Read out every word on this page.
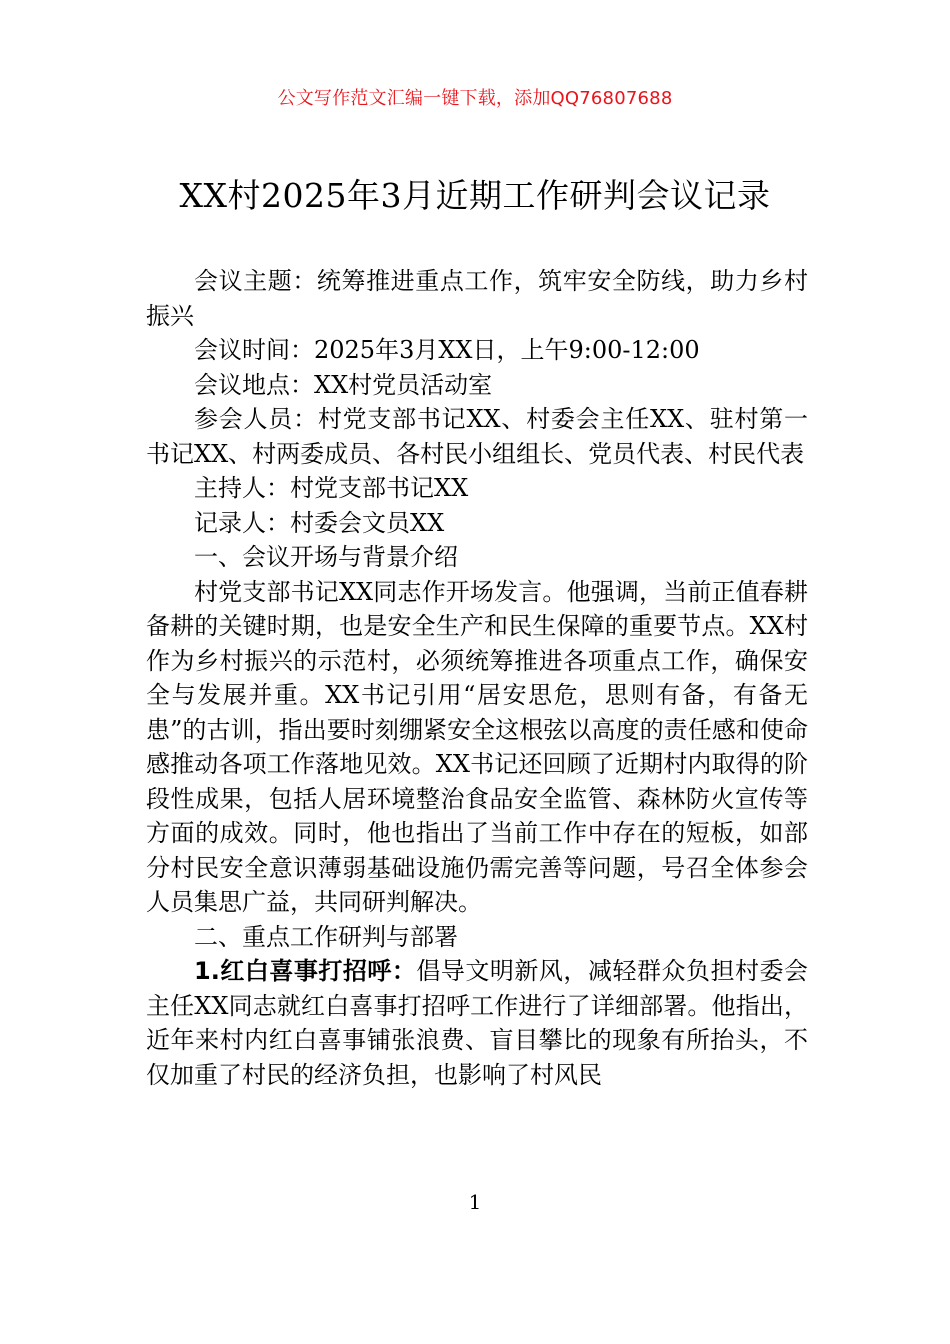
公文写作范文汇编一键下载，添加QQ76807688
XX村2025年3月近期工作研判会议记录

会议主题：统筹推进重点工作，筑牢安全防线，助力乡村振兴

会议时间：2025年3月XX日，上午9:00-12:00

会议地点：XX村党员活动室

参会人员：村党支部书记XX、村委会主任XX、驻村第一书记XX、村两委成员、各村民小组组长、党员代表、村民代表

主持人：村党支部书记XX

记录人：村委会文员XX

一、会议开场与背景介绍

村党支部书记XX同志作开场发言。他强调，当前正值春耕备耕的关键时期，也是安全生产和民生保障的重要节点。XX村作为乡村振兴的示范村，必须统筹推进各项重点工作，确保安全与发展并重。XX书记引用“居安思危，思则有备，有备无患”的古训，指出要时刻绷紧安全这根弦以高度的责任感和使命感推动各项工作落地见效。XX书记还回顾了近期村内取得的阶段性成果，包括人居环境整治食品安全监管、森林防火宣传等方面的成效。同时，他也指出了当前工作中存在的短板，如部分村民安全意识薄弱基础设施仍需完善等问题，号召全体参会人员集思广益，共同研判解决。

二、重点工作研判与部署

1.红白喜事打招呼：倡导文明新风，减轻群众负担村委会主任XX同志就红白喜事打招呼工作进行了详细部署。他指出，近年来村内红白喜事铺张浪费、盲目攀比的现象有所抬头，不仅加重了村民的经济负担，也影响了村风民

1
